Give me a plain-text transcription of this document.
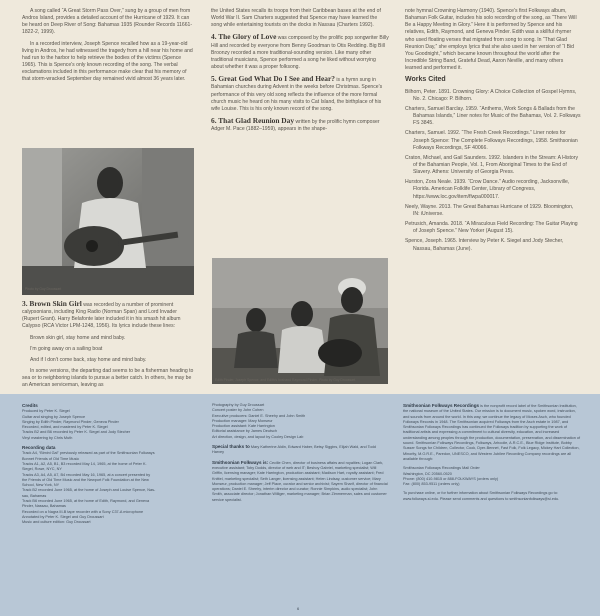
A song called “A Great Storm Pass Over,” sung by a group of men from Andros Island, provides a detailed account of the Hurricane of 1929. It can be heard on Deep River of Song: Bahamas 1935 (Rounder Records 11661-1822-2, 1999).

In a recorded interview, Joseph Spence recalled how as a 19-year-old living in Andros, he had witnessed the tragedy from a hill near his home and had run to the harbor to help retrieve the bodies of the victims (Spence 1965). This is Spence's only known recording of the song. The verbal exclamations included in this performance make clear that his memory of that storm-wracked September day remained vivid almost 36 years later.

Photo by Guy Droussart

3. Brown Skin Girl was recorded by a number of prominent calypsonians, including King Radio (Norman Span) and Lord Invader (Rupert Grant). Harry Belafonte later included it in his smash hit album Calypso (RCA Victor LPM-1248, 1956). Its lyrics include these lines:

Brown skin girl, stay home and mind baby.

I'm going away on a sailing boat

And if I don't come back, stay home and mind baby.

In some versions, the departing dad seems to be a fisherman heading to sea or to neighboring islands to pursue a better catch. In others, he may be an American serviceman, leaving as

the United States recalls its troops from their Caribbean bases at the end of World War II. Sam Charters suggested that Spence may have learned the song while entertaining tourists on the docks in Nassau (Charters 1992).

4. The Glory of Love was composed by the prolific pop songwriter Billy Hill and recorded by everyone from Benny Goodman to Otis Redding. Big Bill Broonzy recorded a more traditional-sounding version. Like many other traditional musicians, Spence performed a song he liked without worrying about whether it was a proper folksong.

5. Great God What Do I See and Hear? is a hymn sung in Bahamian churches during Advent in the weeks before Christmas. Spence's performance of this very old song reflects the influence of the more formal church music he heard on his many visits to Cat Island, the birthplace of his wife Louise. This is his only known record of the song.

6. That Glad Reunion Day written by the prolific hymn composer Adger M. Pace (1882–1959), appears in the shape-

Edith Pinder, Joseph Spence, and Edith's husband Raymond Pinder. Photo by Guy Droussart.

note hymnal Crowning Harmony (1940). Spence's first Folkways album, Bahaman Folk Guitar, includes his solo recording of the song, as “There Will Be a Happy Meeting in Glory.” Here it is performed by Spence and his relatives, Edith, Raymond, and Geneva Pinder. Edith was a skillful rhymer who used floating verses that migrated from song to song. In “That Glad Reunion Day,” she employs lyrics that she also used in her version of “I Bid You Goodnight,” which became known throughout the world after the Incredible String Band, Grateful Dead, Aaron Neville, and many others learned and performed it.

Works Cited

Bilhorn, Peter. 1891. Crowning Glory: A Choice Collection of Gospel Hymns, No. 2. Chicago: P. Bilhorn.

Charters, Samuel Barclay. 1959. “Anthems, Work Songs & Ballads from the Bahamas Islands,” Liner notes for Music of the Bahamas, Vol. 2. Folkways FS 3845.

Charters, Samuel. 1992. “The Fresh Creek Recordings.” Liner notes for Joseph Spence: The Complete Folkways Recordings, 1958. Smithsonian Folkways Recordings, SF 40066.

Craton, Michael, and Gail Saunders. 1992. Islanders in the Stream: A History of the Bahamian People, Vol. 1, From Aboriginal Times to the End of Slavery. Athens: University of Georgia Press.

Hurston, Zora Neale. 1939. “Crow Dance.” Audio recording, Jacksonville, Florida. American Folklife Center, Library of Congress, https://www.loc.gov/item/flwpa000017.

Neely, Wayne. 2013. The Great Bahamas Hurricane of 1929. Bloomington, IN: iUniverse.

Petrusich, Amanda. 2018. “A Miraculous Field Recording: The Guitar Playing of Joseph Spence.” New Yorker (August 15).

Spence, Joseph. 1965. Interview by Peter K. Siegel and Jody Stecher, Nassau, Bahamas (June).

Credits

Produced by Peter K. Siegel

Guitar and singing by Joseph Spence

Singing by Edith Pinder, Raymond Pinder, Geneva Pinder

Recorded, edited, and mastered by Peter K. Siegel

Tracks B2 and B6 recorded by Peter K. Siegel and Jody Stecher

Vinyl mastering by Chris Muth

Recording data

Track A4, “Bimini Gal” previously released as part of the Smithsonian Folkways

Bonnet Friends of Old Time Music

Tracks A1, A2, A5, B1, B3 recorded May 14, 1965, at the home of Peter K.

Siegel, Rowe, NYC, NY

Tracks A3, A4, A5, A7, B4 recorded May 16, 1965, at a concert presented by

the Friends of Old Time Music and the Newport Folk Foundation at the New

School, New York, NY

Track B2 recorded June 1965, at the home of Joseph and Louise Spence, Nas-

sau, Bahamas

Track B6 recorded June 1965, at the home of Edith, Raymond, and Geneva

Pinder, Nassau, Bahamas

Recorded on a Nagra III-B tape recorder with a Sony C37-A microphone

Annotated by Peter K. Siegel and Guy Droussart

Music and culture edition: Guy Droussart

Photography by Guy Droussart

Concert poster by John Cohen

Executive producers: Daniel E. Sheehy and John Smith

Production manager: Mary Monseur

Production assistant: Kate Harrington

Editorial assistance by James Deutsch

Art direction, design, and layout by Cooley Design Lab

Special thanks to Mary Katherine Aldin, Edward Haber, Betsy Siggins, Elijah Wald, and Todd Harvey

Smithsonian Folkways is: Cecille Chen, director of business affairs and royalties; Logan Clark, executive assistant; Toby Dodds, director of web and IT; Beshoy Gabriel, marketing specialist; Will Griffin, licensing manager; Kate Harrington, production assistant; Madison Hart, royalty assistant; Fred Knittel, marketing specialist; Seth Langer, licensing assistant; Helen Lindsay, customer service; Mary Monseur, production manager; Jeff Place, curator and senior archivist; Sayem Sharif, director of financial operations; Daniel E. Sheehy, interim director and curator; Ronnie Simpkins, audio specialist; John Smith, associate director; Jonathan Williger, marketing manager; Brian Zimmerman, sales and customer service specialist.

Smithsonian Folkways Recordings is the nonprofit record label of the Smithsonian Institution, the national museum of the United States. Our mission is to document music, spoken word, instruction, and sounds from around the world. In this way, we continue the legacy of Moses Asch, who founded Folkways Records in 1948. The Smithsonian acquired Folkways from the Asch estate in 1987, and Smithsonian Folkways Recordings has continued the Folkways tradition by supporting the work of traditional artists and expressing a commitment to cultural diversity, education, and increased understanding among peoples through the production, documentation, preservation, and dissemination of sound. Smithsonian Folkways Recordings, Folkways, Arhoolie, A.R.C.E., Blue Ridge Institute, Bobby Susser Songs for Children, Collector, Cook, Dyer-Bennet, Fast Folk, Folk Legacy, Mickey Hart Collection, Minority, M.O.R.E., Paredon, UNESCO, and Western Jubilee Recording Company recordings are all available through:

Smithsonian Folkways Recordings Mail Order

Washington, DC 20560-0520

Phone: (800) 410-9815 or 888-FOLKWAYS (orders only)

Fax: (800) 853-9511 (orders only)

To purchase online, or for further information about Smithsonian Folkways Recordings go to: www.folkways.si.edu. Please send comments and questions to smithsonianfolkways@si.edu.

6
